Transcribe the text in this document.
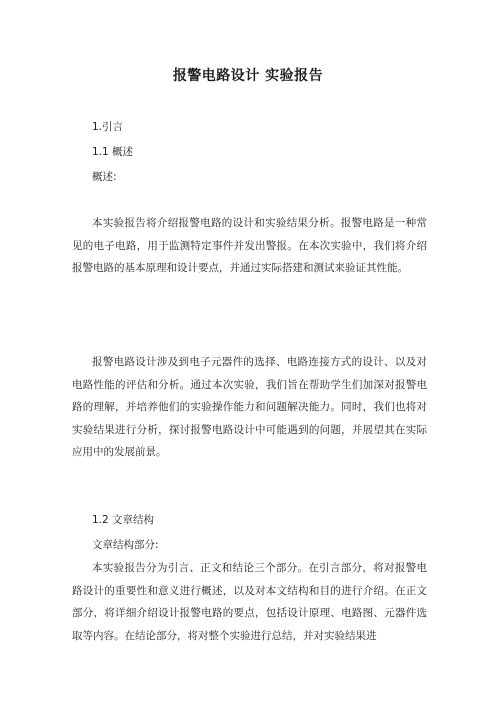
报警电路设计 实验报告
1.引言
1.1 概述
概述:
本实验报告将介绍报警电路的设计和实验结果分析。报警电路是一种常见的电子电路，用于监测特定事件并发出警报。在本次实验中，我们将介绍报警电路的基本原理和设计要点，并通过实际搭建和测试来验证其性能。
报警电路设计涉及到电子元器件的选择、电路连接方式的设计、以及对电路性能的评估和分析。通过本次实验，我们旨在帮助学生们加深对报警电路的理解，并培养他们的实验操作能力和问题解决能力。同时，我们也将对实验结果进行分析，探讨报警电路设计中可能遇到的问题，并展望其在实际应用中的发展前景。
1.2 文章结构
文章结构部分:
本实验报告分为引言、正文和结论三个部分。在引言部分，将对报警电路设计的重要性和意义进行概述，以及对本文结构和目的进行介绍。在正文部分，将详细介绍设计报警电路的要点，包括设计原理、电路图、元器件选取等内容。在结论部分，将对整个实验进行总结，并对实验结果进
